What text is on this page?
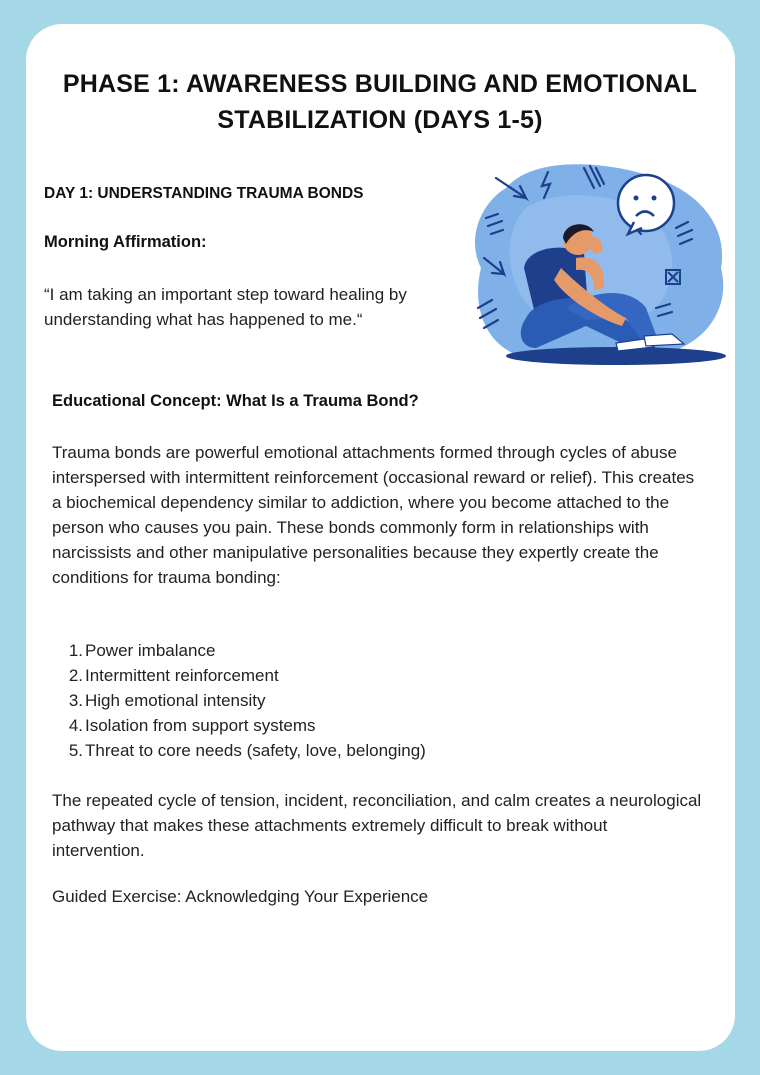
PHASE 1: AWARENESS BUILDING AND EMOTIONAL
STABILIZATION (DAYS 1-5)
DAY 1: UNDERSTANDING TRAUMA BONDS
Morning Affirmation:
“I am taking an important step toward healing by understanding what has happened to me.“
Educational Concept: What Is a Trauma Bond?
Trauma bonds are powerful emotional attachments formed through cycles of abuse interspersed with intermittent reinforcement (occasional reward or relief). This creates a biochemical dependency similar to addiction, where you become attached to the person who causes you pain. These bonds commonly form in relationships with narcissists and other manipulative personalities because they expertly create the conditions for trauma bonding:
1. Power imbalance
2. Intermittent reinforcement
3. High emotional intensity
4. Isolation from support systems
5. Threat to core needs (safety, love, belonging)
The repeated cycle of tension, incident, reconciliation, and calm creates a neurological pathway that makes these attachments extremely difficult to break without intervention.
Guided Exercise: Acknowledging Your Experience
